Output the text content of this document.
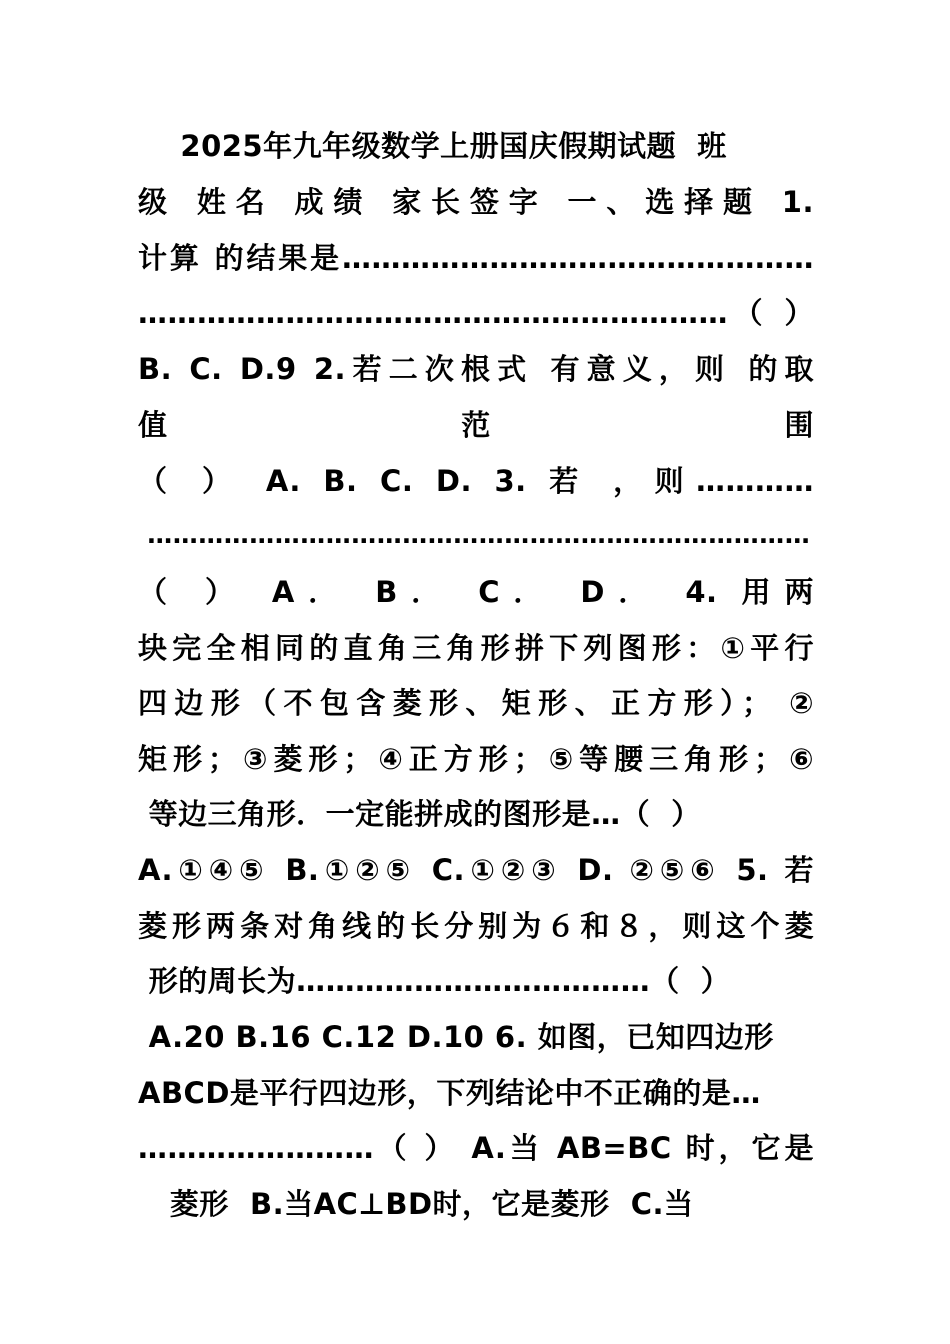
2025年九年级数学上册国庆假期试题  班
级 姓名 成绩 家长签字 一、选择题 1.
计算 的结果是…………………………………………
……………………………………………………（ ）
B. C. D.9 2.若二次根式 有意义，则 的取
值范围
（ ） A. B. C. D. 3. 若 ，则…………
……………………………………………………………………
（ ） A． B． C． D． 4. 用两
块完全相同的直角三角形拼下列图形：①平行
四边形（不包含菱形、矩形、正方形）； ②
矩形；③菱形；④正方形；⑤等腰三角形；⑥
等边三角形．一定能拼成的图形是…（  ）
A.①④⑤ B.①②⑤ C.①②③ D. ②⑤⑥ 5. 若
菱形两条对角线的长分别为６和８，则这个菱
形的周长为………………………………（  ）
A.20 B.16 C.12 D.10 6. 如图，已知四边形
ABCD是平行四边形，下列结论中不正确的是…
……………………（ ） A.当 AB=BC 时，它是
菱形  B.当AC⊥BD时，它是菱形  C.当
